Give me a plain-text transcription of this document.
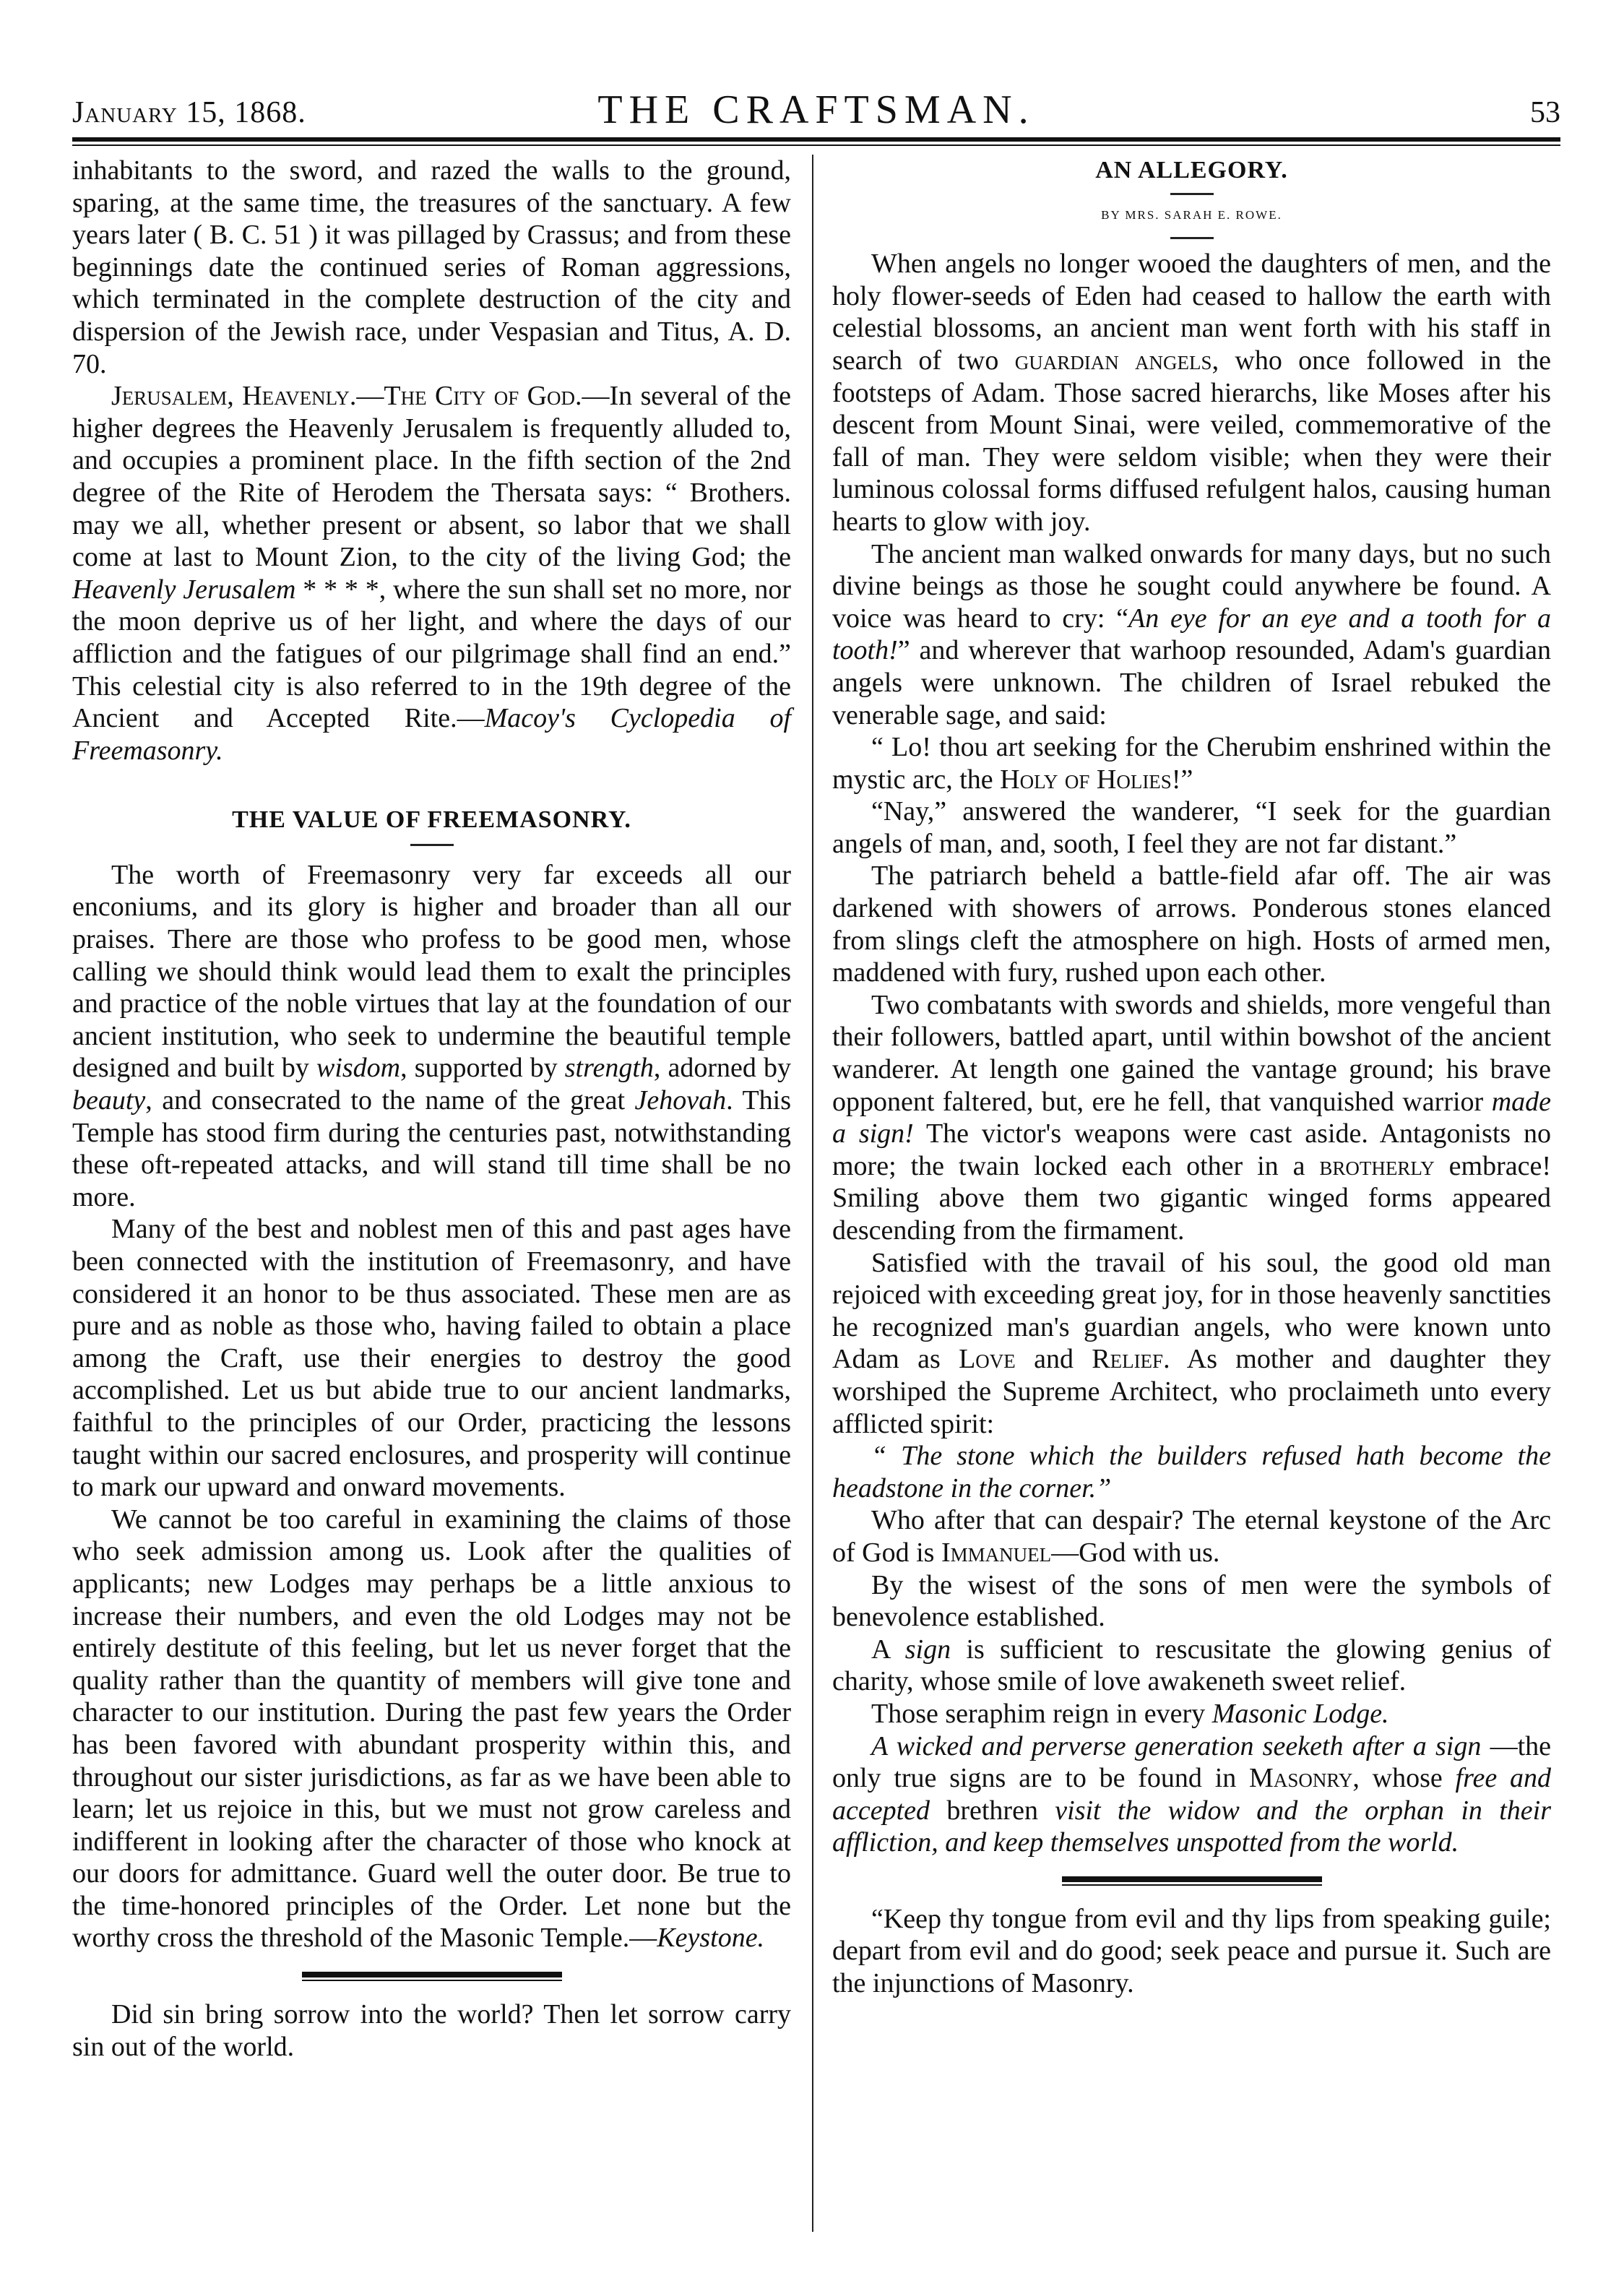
January 15, 1868.	THE CRAFTSMAN.	53

inhabitants to the sword, and razed the walls to the ground, sparing, at the same time, the treasures of the sanctuary. A few years later ( B. C. 51 ) it was pillaged by Crassus; and from these beginnings date the continued series of Roman aggressions, which terminated in the complete destruction of the city and dispersion of the Jewish race, under Vespasian and Titus, A. D. 70.

Jerusalem, Heavenly.—The City of God.—In several of the higher degrees the Heavenly Jerusalem is frequently alluded to, and occupies a prominent place. In the fifth section of the 2nd degree of the Rite of Herodem the Thersata says: “ Brothers. may we all, whether present or absent, so labor that we shall come at last to Mount Zion, to the city of the living God; the Heavenly Jerusalem * * * *, where the sun shall set no more, nor the moon deprive us of her light, and where the days of our affliction and the fatigues of our pilgrimage shall find an end.” This celestial city is also referred to in the 19th degree of the Ancient and Accepted Rite.—Macoy's Cyclopedia of Freemasonry.

THE VALUE OF FREEMASONRY.

The worth of Freemasonry very far exceeds all our enconiums, and its glory is higher and broader than all our praises. There are those who profess to be good men, whose calling we should think would lead them to exalt the principles and practice of the noble virtues that lay at the foundation of our ancient institution, who seek to undermine the beautiful temple designed and built by wisdom, supported by strength, adorned by beauty, and consecrated to the name of the great Jehovah. This Temple has stood firm during the centuries past, notwithstanding these oft-repeated attacks, and will stand till time shall be no more.

Many of the best and noblest men of this and past ages have been connected with the institution of Freemasonry, and have considered it an honor to be thus associated. These men are as pure and as noble as those who, having failed to obtain a place among the Craft, use their energies to destroy the good accomplished. Let us but abide true to our ancient landmarks, faithful to the principles of our Order, practicing the lessons taught within our sacred enclosures, and prosperity will continue to mark our upward and onward movements.

We cannot be too careful in examining the claims of those who seek admission among us. Look after the qualities of applicants; new Lodges may perhaps be a little anxious to increase their numbers, and even the old Lodges may not be entirely destitute of this feeling, but let us never forget that the quality rather than the quantity of members will give tone and character to our institution. During the past few years the Order has been favored with abundant prosperity within this, and throughout our sister jurisdictions, as far as we have been able to learn; let us rejoice in this, but we must not grow careless and indifferent in looking after the character of those who knock at our doors for admittance. Guard well the outer door. Be true to the time-honored principles of the Order. Let none but the worthy cross the threshold of the Masonic Temple.—Keystone.

Did sin bring sorrow into the world? Then let sorrow carry sin out of the world.

AN ALLEGORY.
BY MRS. SARAH E. ROWE.

When angels no longer wooed the daughters of men, and the holy flower-seeds of Eden had ceased to hallow the earth with celestial blossoms, an ancient man went forth with his staff in search of two guardian angels, who once followed in the footsteps of Adam. Those sacred hierarchs, like Moses after his descent from Mount Sinai, were veiled, commemorative of the fall of man. They were seldom visible; when they were their luminous colossal forms diffused refulgent halos, causing human hearts to glow with joy.

The ancient man walked onwards for many days, but no such divine beings as those he sought could anywhere be found. A voice was heard to cry: “An eye for an eye and a tooth for a tooth!” and wherever that warhoop resounded, Adam's guardian angels were unknown. The children of Israel rebuked the venerable sage, and said:

“ Lo! thou art seeking for the Cherubim enshrined within the mystic arc, the Holy of Holies!”

“Nay,” answered the wanderer, “I seek for the guardian angels of man, and, sooth, I feel they are not far distant.”

The patriarch beheld a battle-field afar off. The air was darkened with showers of arrows. Ponderous stones elanced from slings cleft the atmosphere on high. Hosts of armed men, maddened with fury, rushed upon each other.

Two combatants with swords and shields, more vengeful than their followers, battled apart, until within bowshot of the ancient wanderer. At length one gained the vantage ground; his brave opponent faltered, but, ere he fell, that vanquished warrior made a sign! The victor's weapons were cast aside. Antagonists no more; the twain locked each other in a brotherly embrace! Smiling above them two gigantic winged forms appeared descending from the firmament.

Satisfied with the travail of his soul, the good old man rejoiced with exceeding great joy, for in those heavenly sanctities he recognized man's guardian angels, who were known unto Adam as Love and Relief. As mother and daughter they worshiped the Supreme Architect, who proclaimeth unto every afflicted spirit:

“ The stone which the builders refused hath become the headstone in the corner.”

Who after that can despair? The eternal keystone of the Arc of God is Immanuel—God with us.

By the wisest of the sons of men were the symbols of benevolence established.

A sign is sufficient to rescusitate the glowing genius of charity, whose smile of love awakeneth sweet relief.

Those seraphim reign in every Masonic Lodge.

A wicked and perverse generation seeketh after a sign —the only true signs are to be found in Masonry, whose free and accepted brethren visit the widow and the orphan in their affliction, and keep themselves unspotted from the world.

“Keep thy tongue from evil and thy lips from speaking guile; depart from evil and do good; seek peace and pursue it. Such are the injunctions of Masonry.
